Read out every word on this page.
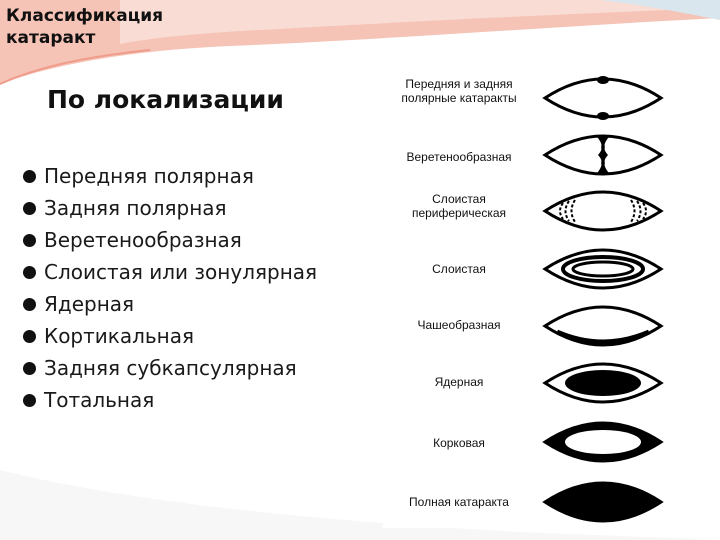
Классификация
катаракт
По локализации
Передняя полярная
Задняя полярная
Веретенообразная
Слоистая или зонулярная
Ядерная
Кортикальная
Задняя субкапсулярная
Тотальная
Передняя и задняя полярные катаракты
Веретенообразная
Слоистая периферическая
Слоистая
Чашеобразная
Ядерная
Корковая
Полная катаракта
